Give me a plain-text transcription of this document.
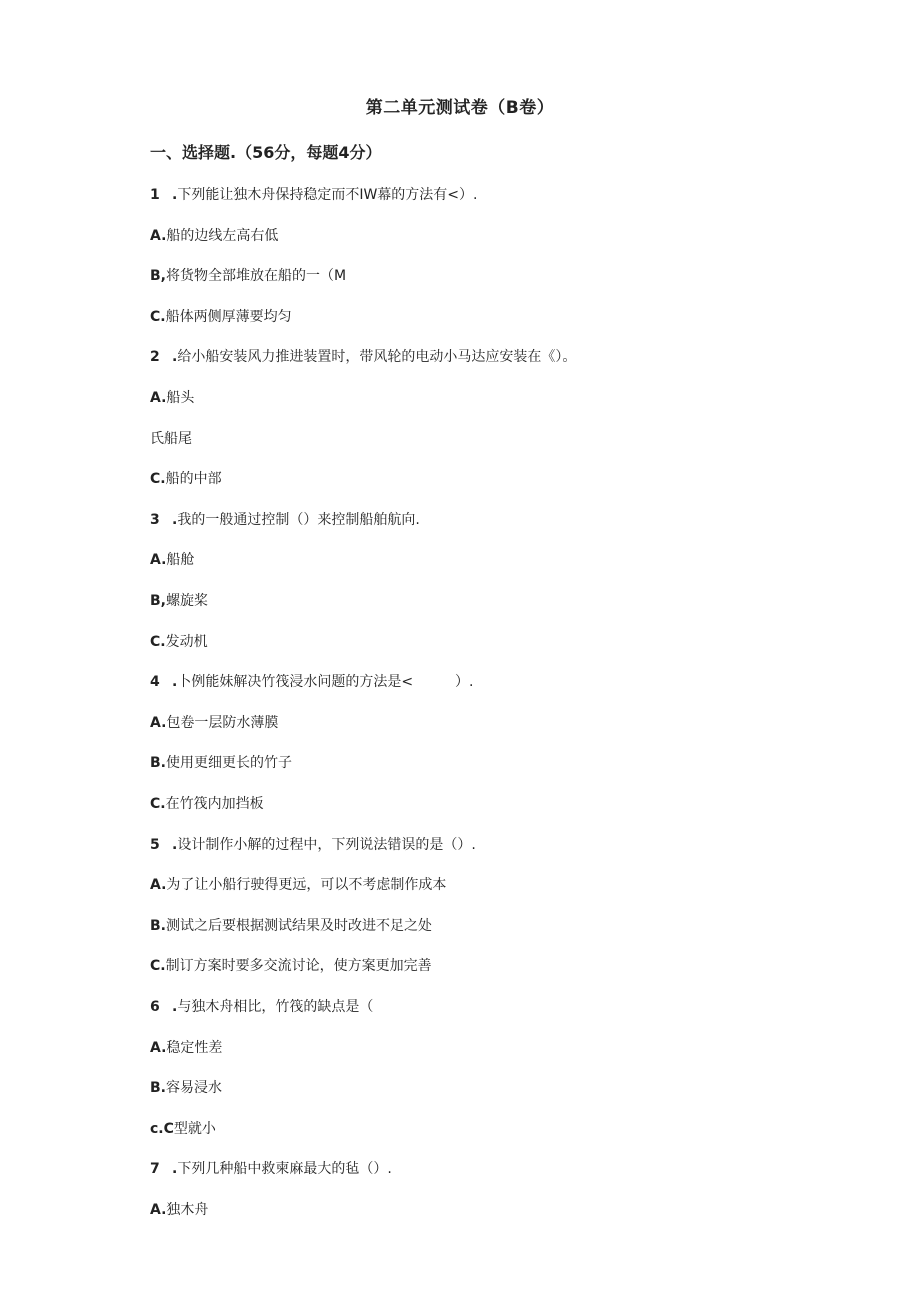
第二单元测试卷（B卷）
一、选择题.（56分，每题4分）
1 .下列能让独木舟保持稳定而不IW幕的方法有<）.
A.船的边线左高右低
B,将货物全部堆放在船的一（M
C.船体两侧厚薄要均匀
2 .给小船安装风力推进装置时，带风轮的电动小马达应安装在《）。
A.船头
氏船尾
C.船的中部
3 .我的一般通过控制（）来控制船舶航向.
A.船舱
B,螺旋桨
C.发动机
4 .卜例能妹解决竹筏浸水问题的方法是<　　　）.
A.包卷一层防水薄膜
B.使用更细更长的竹子
C.在竹筏内加挡板
5 .设计制作小解的过程中，下列说法错误的是（）.
A.为了让小船行驶得更远，可以不考虑制作成本
B.测试之后要根据测试结果及时改进不足之处
C.制订方案时要多交流讨论，使方案更加完善
6 .与独木舟相比，竹筏的缺点是（
A.稳定性差
B.容易浸水
c.C型就小
7 .下列几种船中救柬麻最大的毡（）.
A.独木舟
